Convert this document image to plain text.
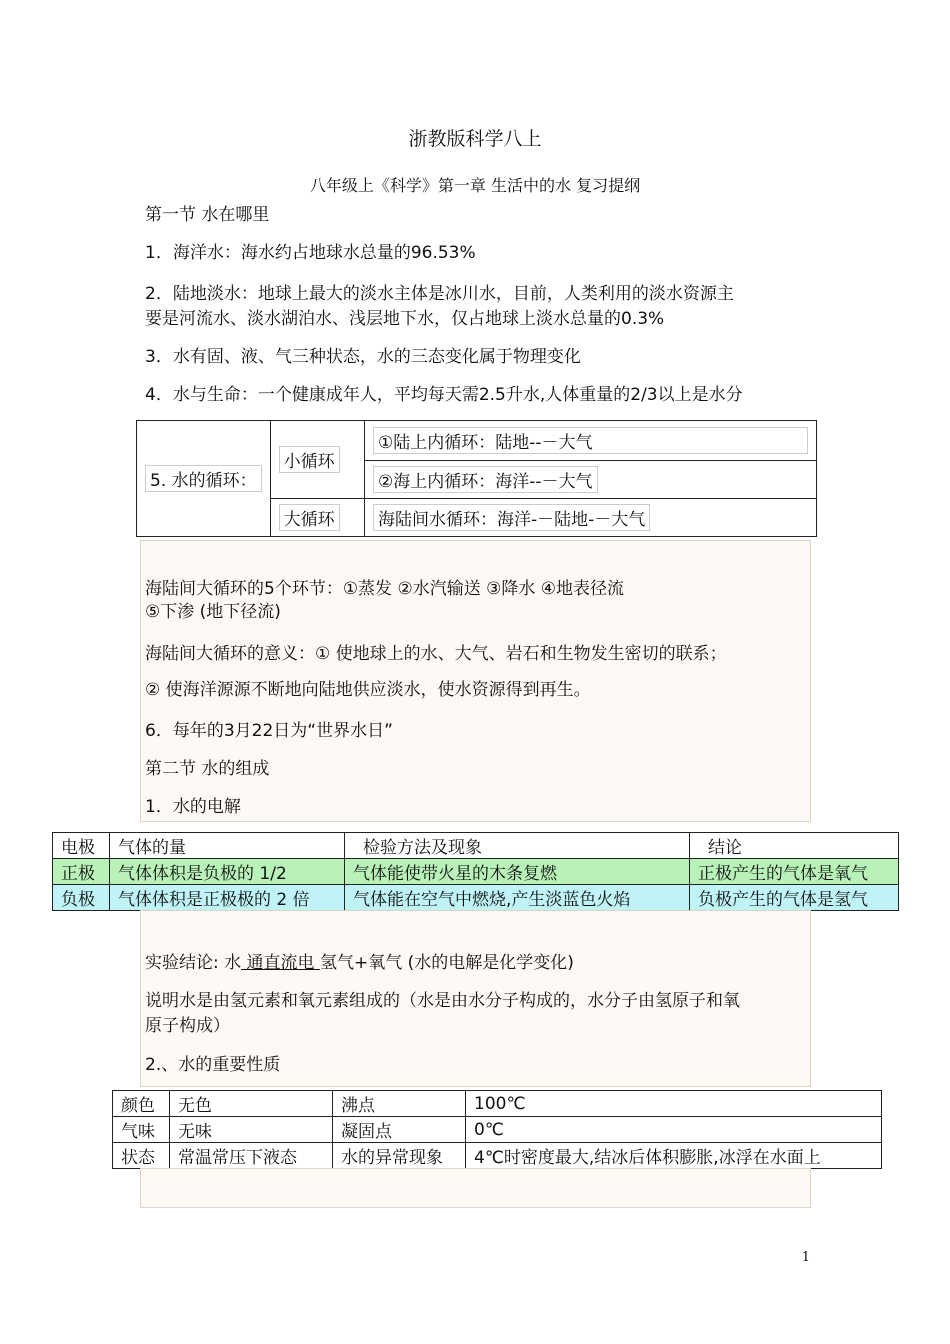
浙教版科学八上
八年级上《科学》第一章 生活中的水 复习提纲
第一节 水在哪里
1．海洋水：海水约占地球水总量的96.53%
2．陆地淡水：地球上最大的淡水主体是冰川水，目前，人类利用的淡水资源主
要是河流水、淡水湖泊水、浅层地下水，仅占地球上淡水总量的0.3%
3．水有固、液、气三种状态，水的三态变化属于物理变化
4．水与生命：一个健康成年人，平均每天需2.5升水,人体重量的2/3以上是水分
5. 水的循环：	小循环	①陆上内循环：陆地--－大气
		②海上内循环：海洋--－大气
	大循环	海陆间水循环：海洋-－陆地-－大气
海陆间大循环的5个环节：①蒸发 ②水汽输送 ③降水 ④地表径流
⑤下渗 (地下径流)
海陆间大循环的意义：① 使地球上的水、大气、岩石和生物发生密切的联系；
② 使海洋源源不断地向陆地供应淡水，使水资源得到再生。
6．每年的3月22日为“世界水日”
第二节 水的组成
1．水的电解
电极	气体的量	检验方法及现象	结论
正极	气体体积是负极的 1/2	气体能使带火星的木条复燃	正极产生的气体是氧气
负极	气体体积是正极极的 2 倍	气体能在空气中燃烧,产生淡蓝色火焰	负极产生的气体是氢气
实验结论: 水 通直流电 氢气+氧气 (水的电解是化学变化)
说明水是由氢元素和氧元素组成的（水是由水分子构成的，水分子由氢原子和氧
原子构成）
2.、水的重要性质
颜色	无色	沸点	100℃
气味	无味	凝固点	0℃
状态	常温常压下液态	水的异常现象	4℃时密度最大,结冰后体积膨胀,冰浮在水面上
1
